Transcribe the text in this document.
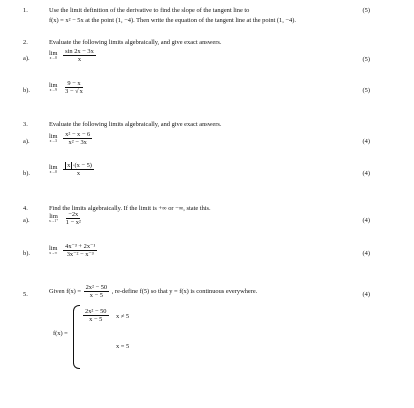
1.	Use the limit definition of the derivative to find the slope of the tangent line to	(5)
f(x) = x² − 5x at the point (1, −4). Then write the equation of the tangent line at the point (1, −4).
2.	Evaluate the following limits algebraically, and give exact answers.
a).
lim
x→0
$\frac{\sin 2x - 3x}{x}$	(5)
b).
lim
x→9
$\frac{9 - x}{3 - √x}$	(5)
3.	Evaluate the following limits algebraically, and give exact answers.
a).
lim
x→3
$\frac{\text{x² − x − 6}}{\text{x² − 3x}}$	(4)
b).
lim
x→0
$\frac{x \cdot(x - 5)}{x}$	(4)
4.	Find the limits algebraically. If the limit is +∞ or −∞, state this.
a).
lim
x→1⁺
$\frac{-2x}{\text{1 − x²}}$	(4)
b).
lim
x→∞
$\frac{\text{4x⁻³ + 2x⁻¹}}{\text{3x⁻² − x⁻³}}$	(4)
5.	Given $f(x) = \frac{\text{2x² − 50}}{x - 5}$ , re-define f(5) so that y = f(x) is continuous everywhere.	(4)
f(x) =
$\frac{\text{2x² − 50}}{x - 5}$ x ≠ 5
x = 5
